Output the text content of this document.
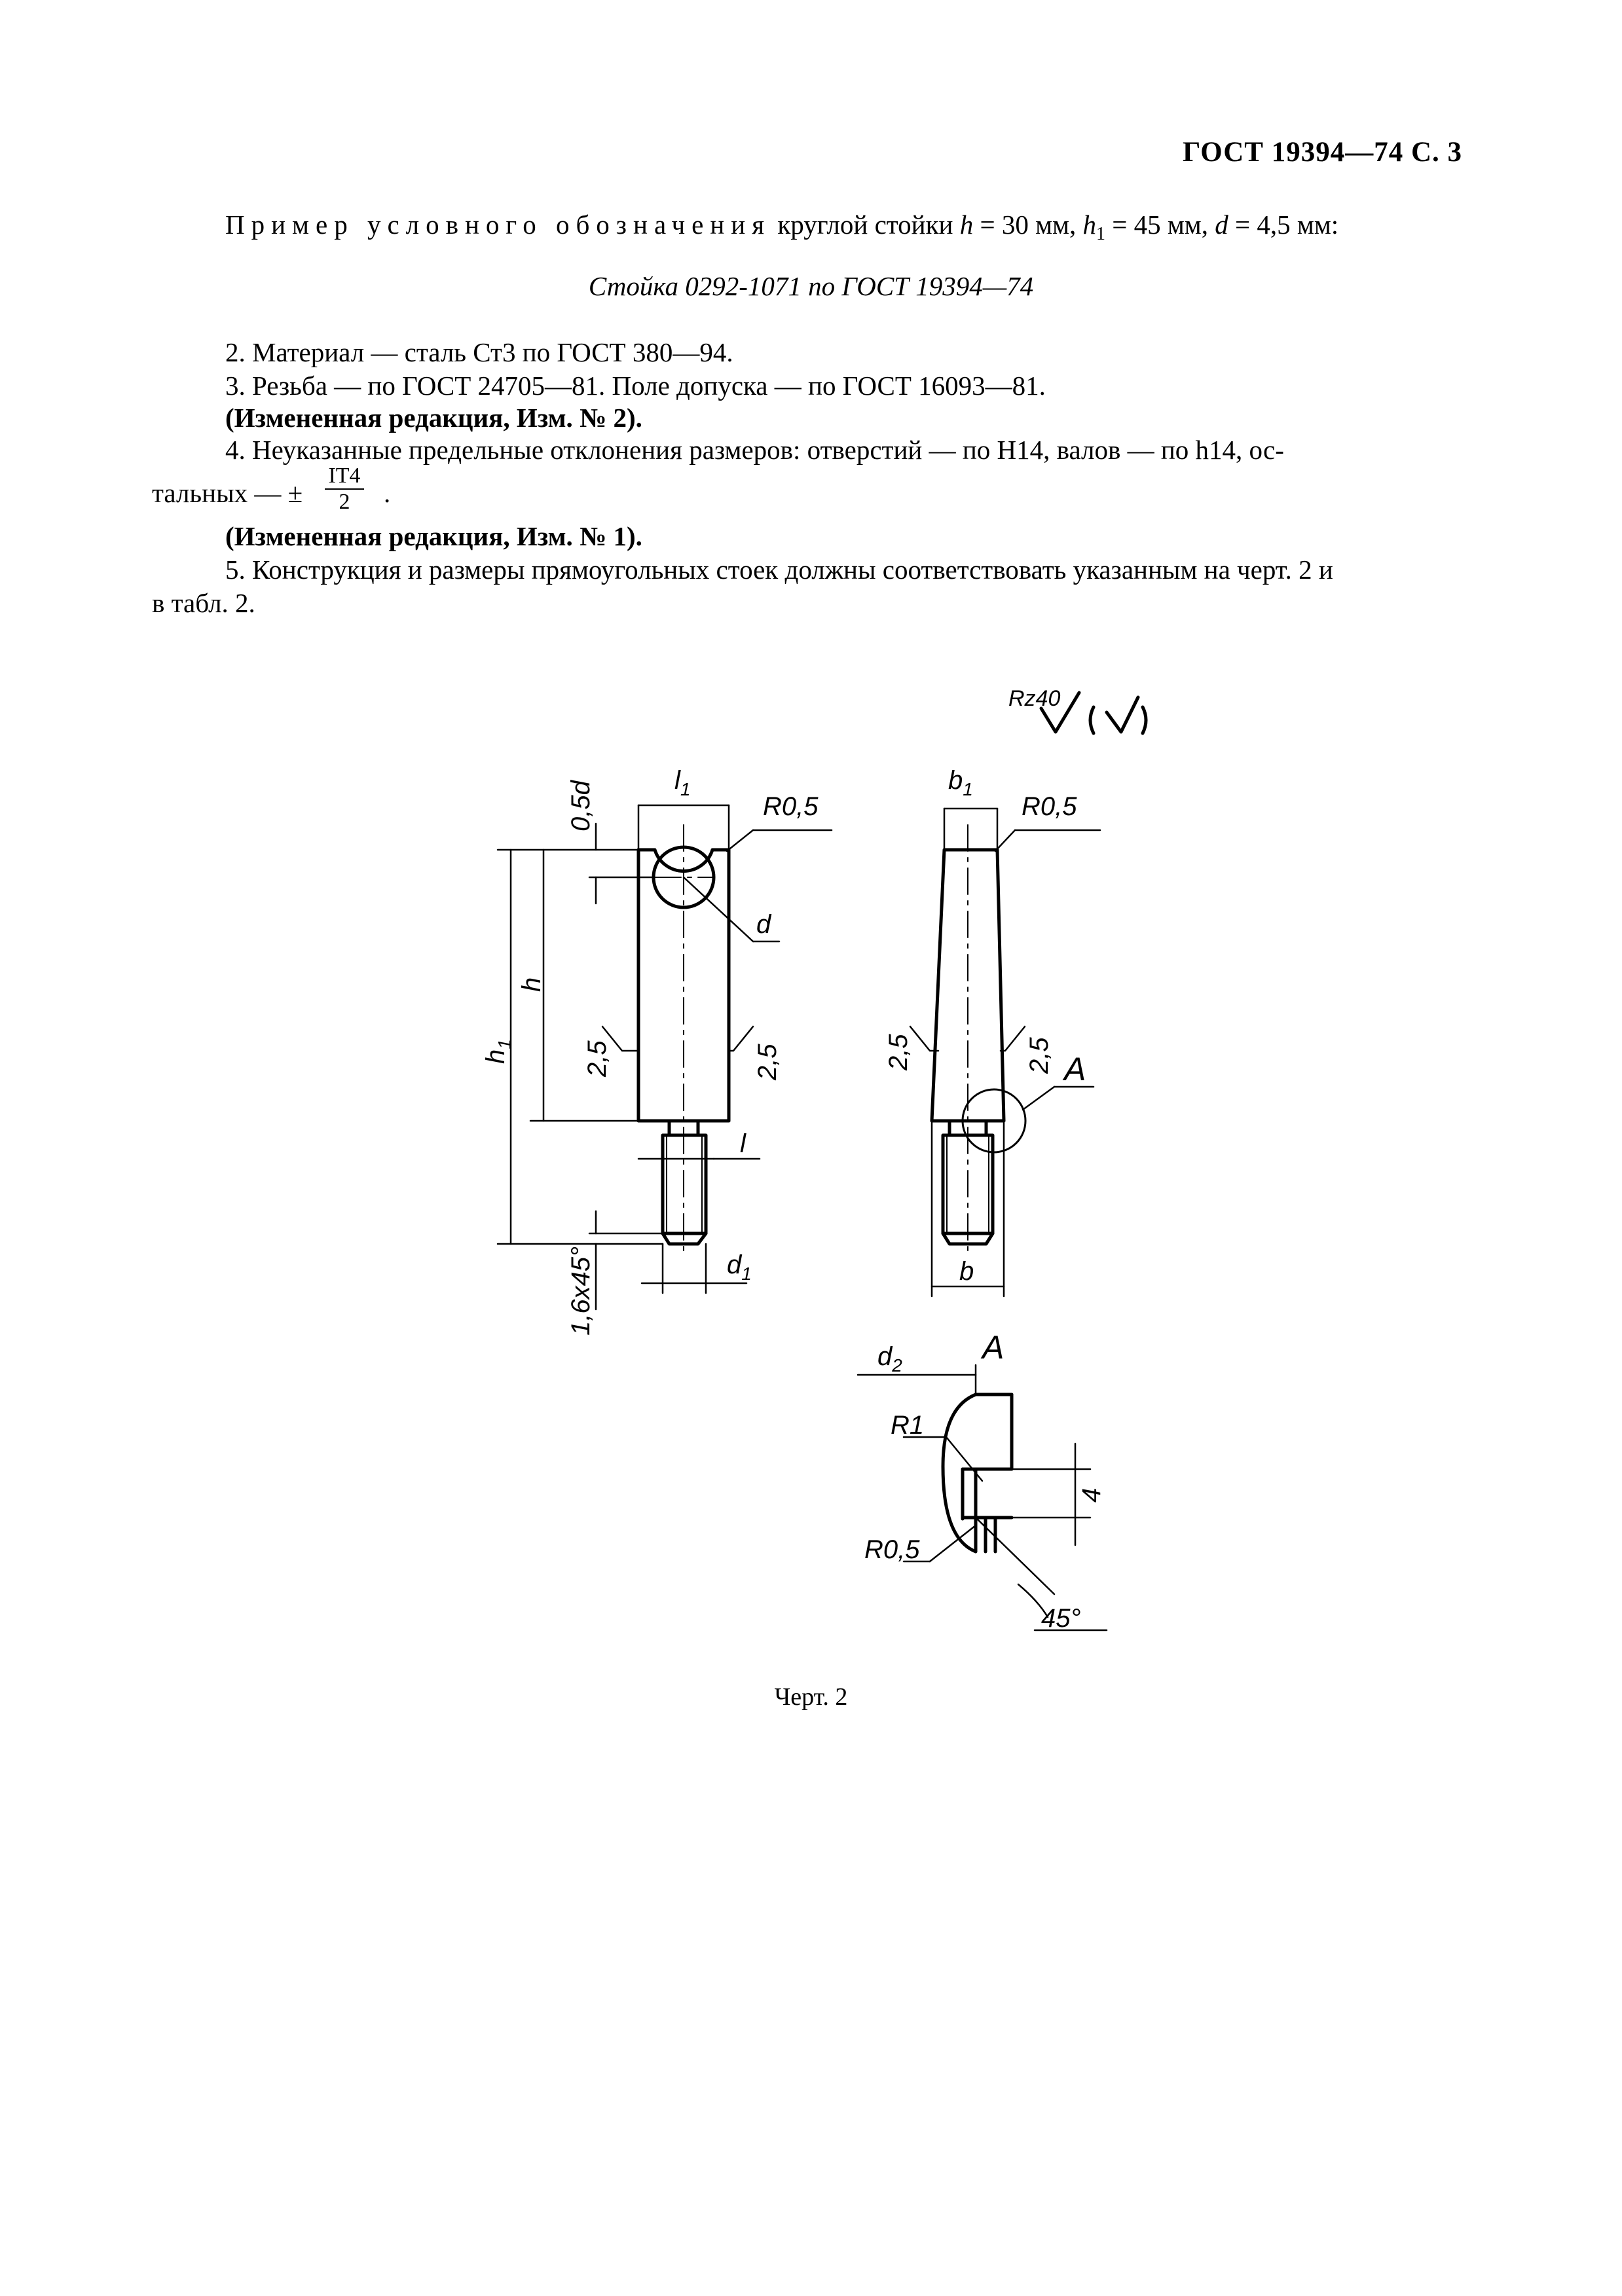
ГОСТ 19394—74 С. 3
Пример условного обозначения круглой стойки h = 30 мм, $h_1 = 45$ мм, d = 4,5 мм:
Стойка 0292-1071 по ГОСТ 19394—74
2. Материал — сталь Ст3 по ГОСТ 380—94.
3. Резьба — по ГОСТ 24705—81. Поле допуска — по ГОСТ 16093—81.
(Измененная редакция, Изм. № 2).
4. Неуказанные предельные отклонения размеров: отверстий — по H14, валов — по h14, ос-
тальных — ± $\frac{IT4}{2}$ .
(Измененная редакция, Изм. № 1).
5. Конструкция и размеры прямоугольных стоек должны соответствовать указанным на черт. 2 и
в табл. 2.
Rz40
0,5d
$l_1$
R0,5
d
h
$h_1$	2,5	2,5
l
1,6x45°	$d_1$
$b_1$
R0,5
2,5	2,5 A
b
A
$d_2$
R1
4
R0,5
45°
Черт. 2
